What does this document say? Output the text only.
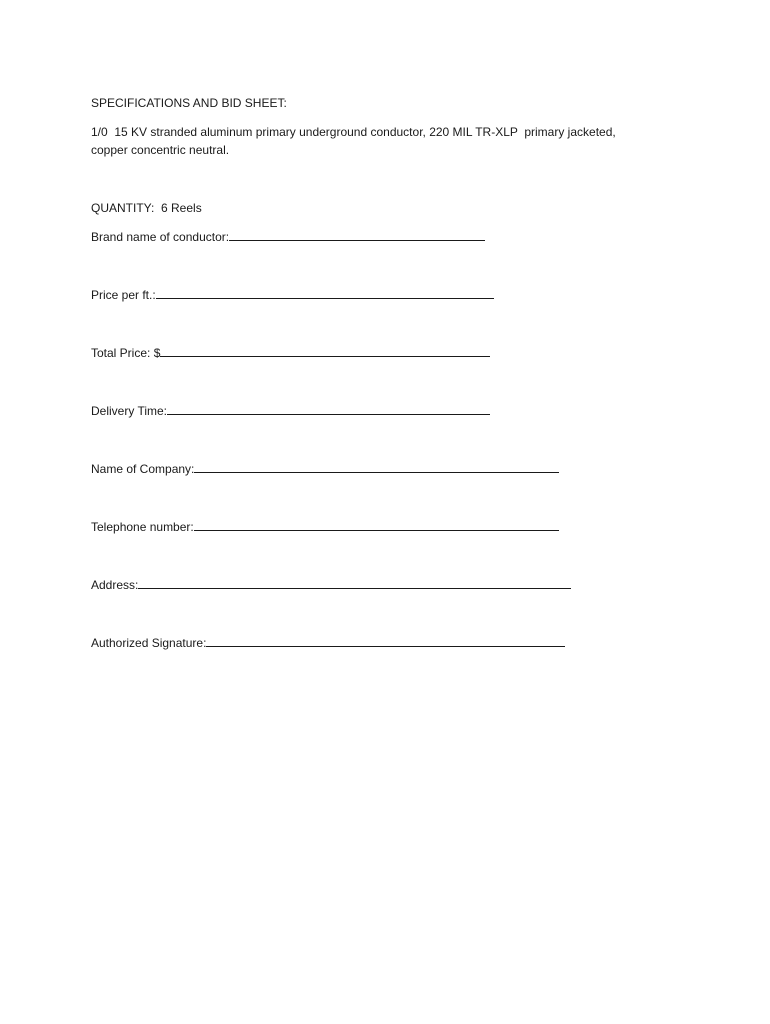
SPECIFICATIONS AND BID SHEET:
1/0  15 KV stranded aluminum primary underground conductor, 220 MIL TR-XLP  primary jacketed,
copper concentric neutral.
QUANTITY:  6 Reels
Brand name of conductor:
Price per ft.:
Total Price: $
Delivery Time:
Name of Company:
Telephone number:
Address:
Authorized Signature:
